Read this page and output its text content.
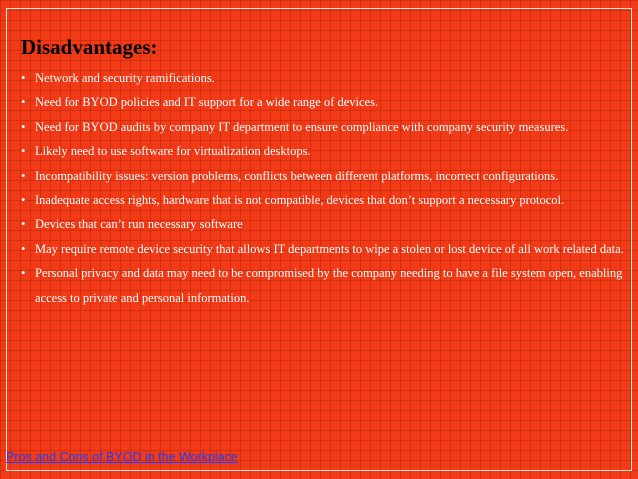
Disadvantages:
• Network and security ramifications.
• Need for BYOD policies and IT support for a wide range of devices.
• Need for BYOD audits by company IT department to ensure compliance with company security measures.
• Likely need to use software for virtualization desktops.
• Incompatibility issues: version problems, conflicts between different platforms, incorrect configurations.
• Inadequate access rights, hardware that is not compatible, devices that don’t support a necessary protocol.
• Devices that can’t run necessary software
• May require remote device security that allows IT departments to wipe a stolen or lost device of all work related data.
• Personal privacy and data may need to be compromised by the company needing to have a file system open, enabling access to private and personal information.
Pros and Cons of BYOD in the Workplace
